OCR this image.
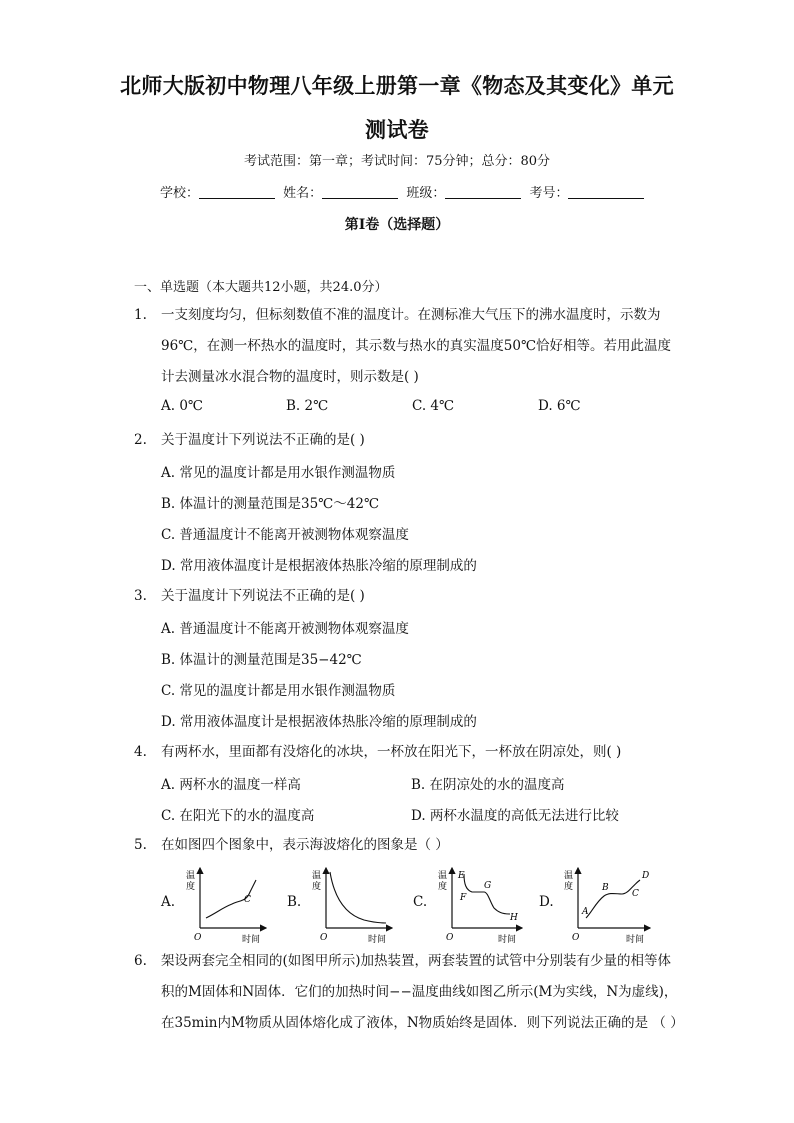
北师大版初中物理八年级上册第一章《物态及其变化》单元测试卷
考试范围：第一章；考试时间：75分钟；总分：80分
学校：	姓名：	班级：	考号：
第I卷（选择题）
一、单选题（本大题共12小题，共24.0分）
1.	一支刻度均匀，但标刻数值不准的温度计。在测标准大气压下的沸水温度时，示数为96℃，在测一杯热水的温度时，其示数与热水的真实温度50℃恰好相等。若用此温度计去测量冰水混合物的温度时，则示数是( )
A. 0℃	B. 2℃	C. 4℃	D. 6℃
2.	关于温度计下列说法不正确的是( )
A. 常见的温度计都是用水银作测温物质
B. 体温计的测量范围是35℃～42℃
C. 普通温度计不能离开被测物体观察温度
D. 常用液体温度计是根据液体热胀冷缩的原理制成的
3.	关于温度计下列说法不正确的是( )
A. 普通温度计不能离开被测物体观察温度
B. 体温计的测量范围是35−42℃
C. 常见的温度计都是用水银作测温物质
D. 常用液体温度计是根据液体热胀冷缩的原理制成的
4.	有两杯水，里面都有没熔化的冰块，一杯放在阳光下，一杯放在阴凉处，则( )
A. 两杯水的温度一样高	B. 在阴凉处的水的温度高
C. 在阳光下的水的温度高	D. 两杯水温度的高低无法进行比较
5.	在如图四个图象中，表示海波熔化的图象是（ ）
A.
温
度
O	时间
C	B.
温
度
O	时间
C.
温
度
O	时间
E
F
G
H
D.
温
度
O	时间
A
B
C
D
6.	架设两套完全相同的(如图甲所示)加热装置，两套装置的试管中分别装有少量的相等体积的M固体和N固体．它们的加热时间−−温度曲线如图乙所示(M为实线，N为虚线)，在35min内M物质从固体熔化成了液体，N物质始终是固体．则下列说法正确的是 （ ）
